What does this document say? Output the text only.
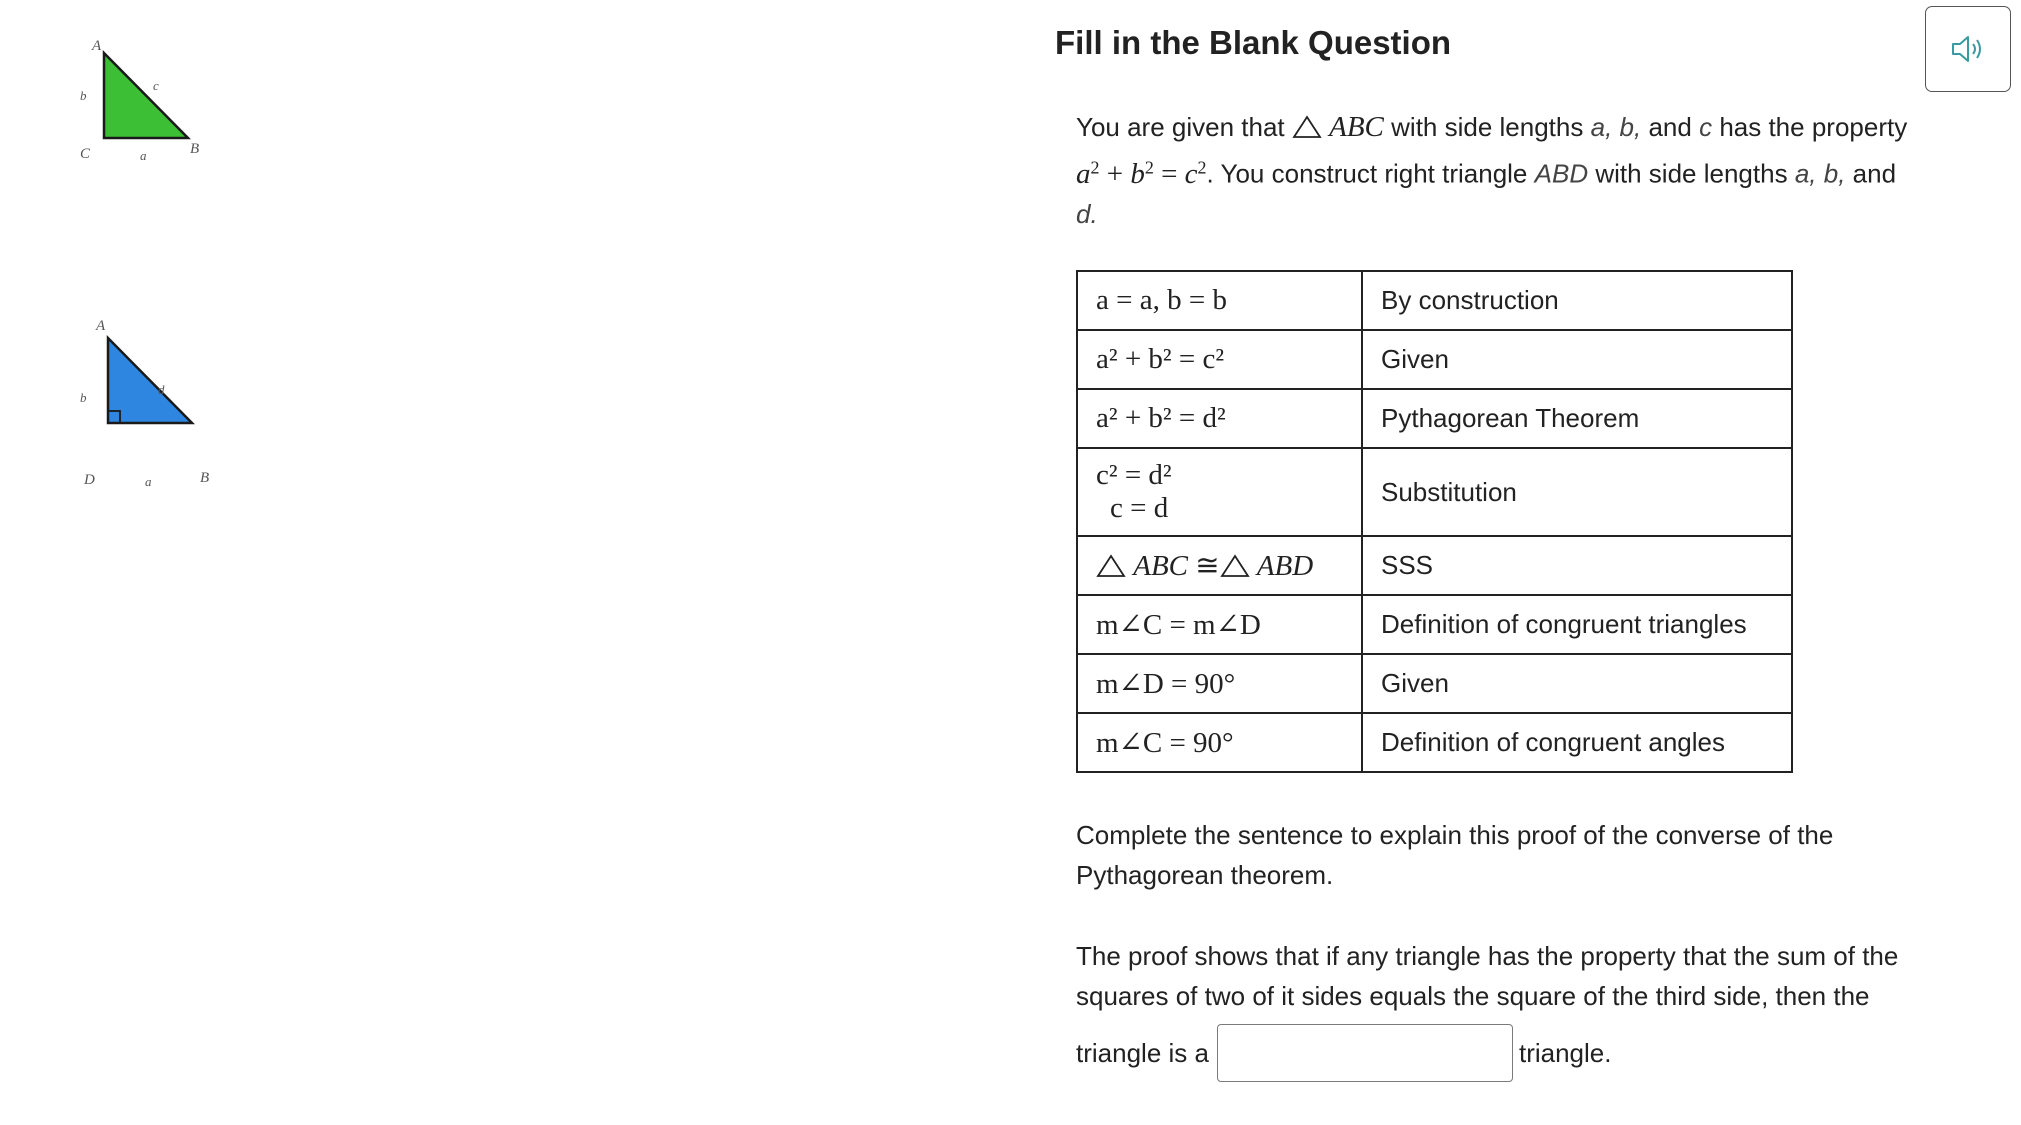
A
C	B
b
c
a
A
D	B
b
d
a
Fill in the Blank Question
You are given that ABC with side lengths a, b, and c has the property
$a^2 + b^2 = c^2$. You construct right triangle ABD with side lengths a, b, and
d.
a = a, b = b	By construction
a² + b² = c²	Given
a² + b² = d²	Pythagorean Theorem

c² = d²
c = d	Substitution
ABC ≅ ABD	SSS
m∠C = m∠D	Definition of congruent triangles
m∠D = 90°	Given
m∠C = 90°	Definition of congruent angles
Complete the sentence to explain this proof of the converse of the Pythagorean theorem.
The proof shows that if any triangle has the property that the sum of the squares of two of it sides equals the square of the third side, then the
triangle is a	triangle.
